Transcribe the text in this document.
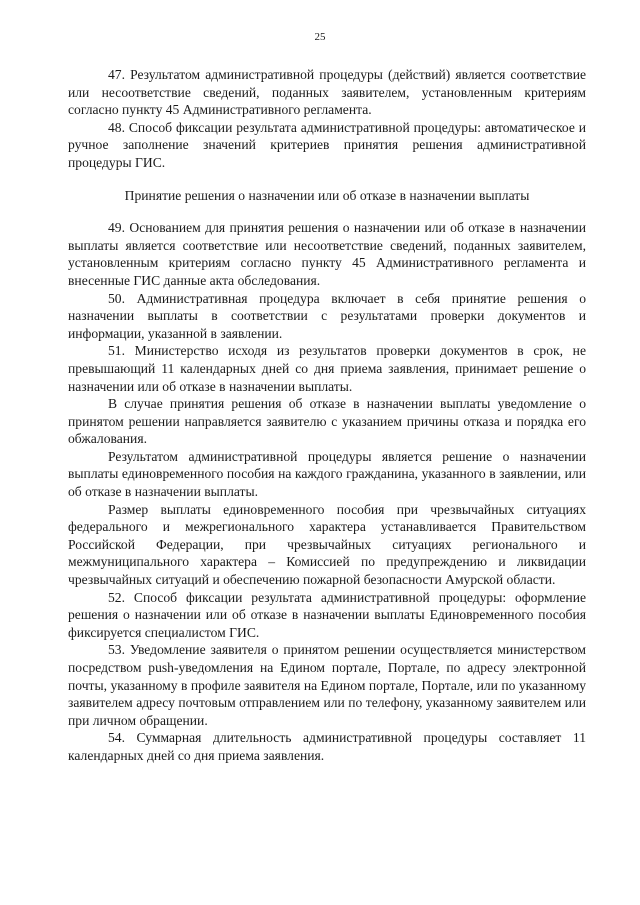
25

47. Результатом административной процедуры (действий) является соответствие или несоответствие сведений, поданных заявителем, установленным критериям согласно пункту 45 Административного регламента.

48. Способ фиксации результата административной процедуры: автоматическое и ручное заполнение значений критериев принятия решения административной процедуры ГИС.

Принятие решения о назначении или об отказе в назначении выплаты

49. Основанием для принятия решения о назначении или об отказе в назначении выплаты является соответствие или несоответствие сведений, поданных заявителем, установленным критериям согласно пункту 45 Административного регламента и внесенные ГИС данные акта обследования.

50. Административная процедура включает в себя принятие решения о назначении выплаты в соответствии с результатами проверки документов и информации, указанной в заявлении.

51. Министерство исходя из результатов проверки документов в срок, не превышающий 11 календарных дней со дня приема заявления, принимает решение о назначении или об отказе в назначении выплаты.

В случае принятия решения об отказе в назначении выплаты уведомление о принятом решении направляется заявителю с указанием причины отказа и порядка его обжалования.

Результатом административной процедуры является решение о назначении выплаты единовременного пособия на каждого гражданина, указанного в заявлении, или об отказе в назначении выплаты.

Размер выплаты единовременного пособия при чрезвычайных ситуациях федерального и межрегионального характера устанавливается Правительством Российской Федерации, при чрезвычайных ситуациях регионального и межмуниципального характера – Комиссией по предупреждению и ликвидации чрезвычайных ситуаций и обеспечению пожарной безопасности Амурской области.

52. Способ фиксации результата административной процедуры: оформление решения о назначении или об отказе в назначении выплаты Единовременного пособия фиксируется специалистом ГИС.

53. Уведомление заявителя о принятом решении осуществляется министерством посредством push-уведомления на Едином портале, Портале, по адресу электронной почты, указанному в профиле заявителя на Едином портале, Портале, или по указанному заявителем адресу почтовым отправлением или по телефону, указанному заявителем или при личном обращении.

54. Суммарная длительность административной процедуры составляет 11 календарных дней со дня приема заявления.
